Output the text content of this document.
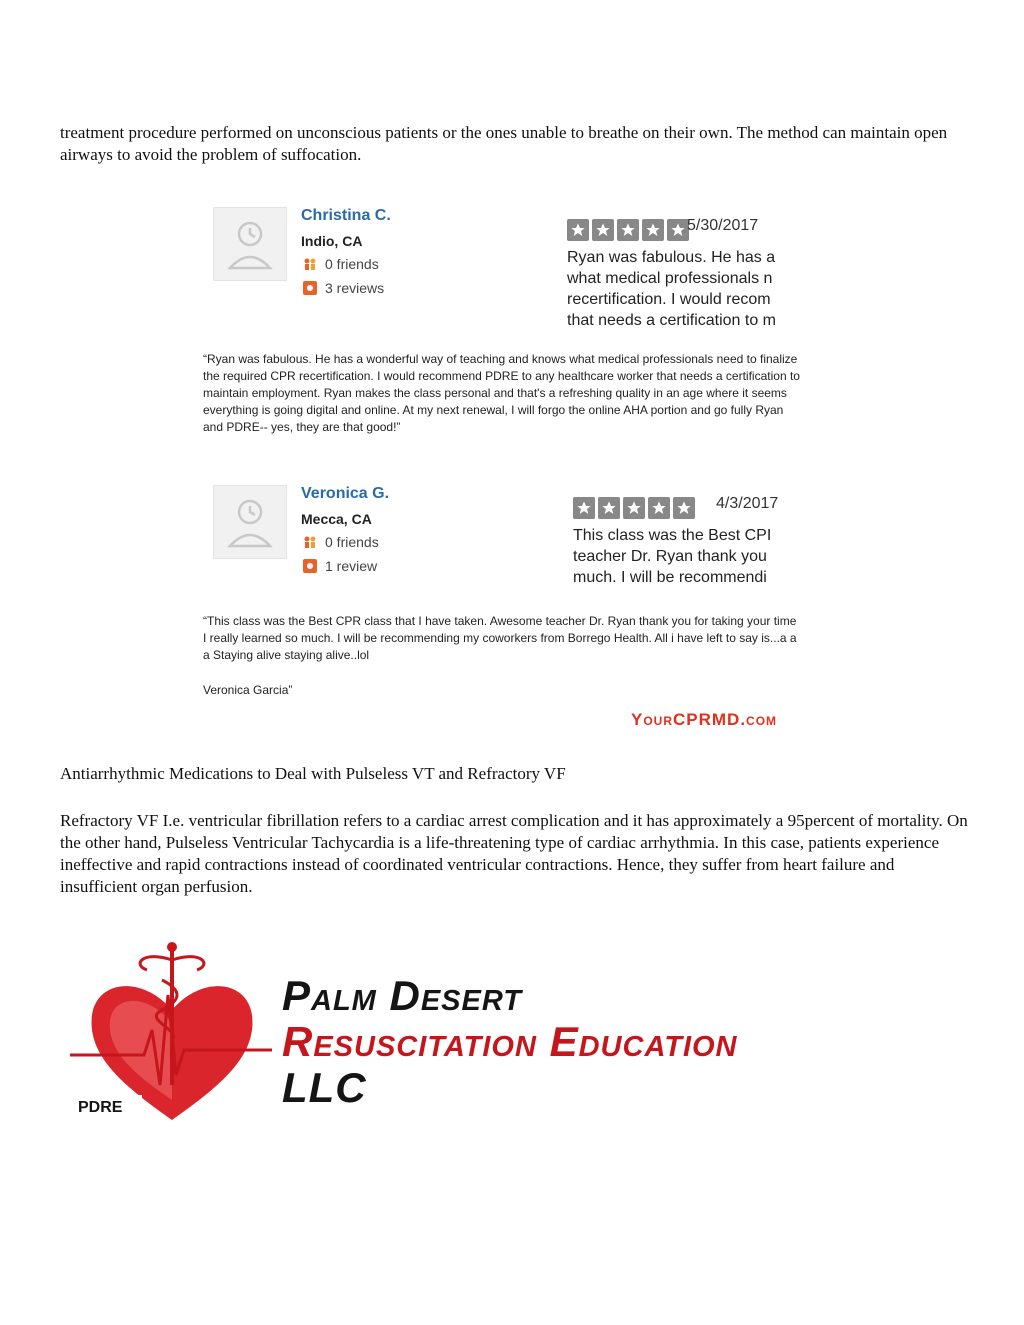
treatment procedure performed on unconscious patients or the ones unable to breathe on their own. The method can maintain open airways to avoid the problem of suffocation.

Christina C.
Indio, CA
0 friends
3 reviews
5/30/2017
Ryan was fabulous. He has a
what medical professionals n
recertification. I would recom
that needs a certification to m
“Ryan was fabulous. He has a wonderful way of teaching and knows what medical professionals need to finalize the required CPR recertification. I would recommend PDRE to any healthcare worker that needs a certification to maintain employment. Ryan makes the class personal and that's a refreshing quality in an age where it seems everything is going digital and online. At my next renewal, I will forgo the online AHA portion and go fully Ryan and PDRE-- yes, they are that good!”
Veronica G.
Mecca, CA
0 friends
1 review
4/3/2017
This class was the Best CPI
teacher Dr. Ryan thank you
much. I will be recommendi
“This class was the Best CPR class that I have taken. Awesome teacher Dr. Ryan thank you for taking your time I really learned so much. I will be recommending my coworkers from Borrego Health. All i have left to say is...a a a Staying alive staying alive..lol
Veronica Garcia”
YourCPRMD.com

Antiarrhythmic Medications to Deal with Pulseless VT and Refractory VF

Refractory VF I.e. ventricular fibrillation refers to a cardiac arrest complication and it has approximately a 95percent of mortality. On the other hand, Pulseless Ventricular Tachycardia is a life-threatening type of cardiac arrhythmia. In this case, patients experience ineffective and rapid contractions instead of coordinated ventricular contractions. Hence, they suffer from heart failure and insufficient organ perfusion.

PDRE
Palm Desert
Resuscitation Education
LLC
